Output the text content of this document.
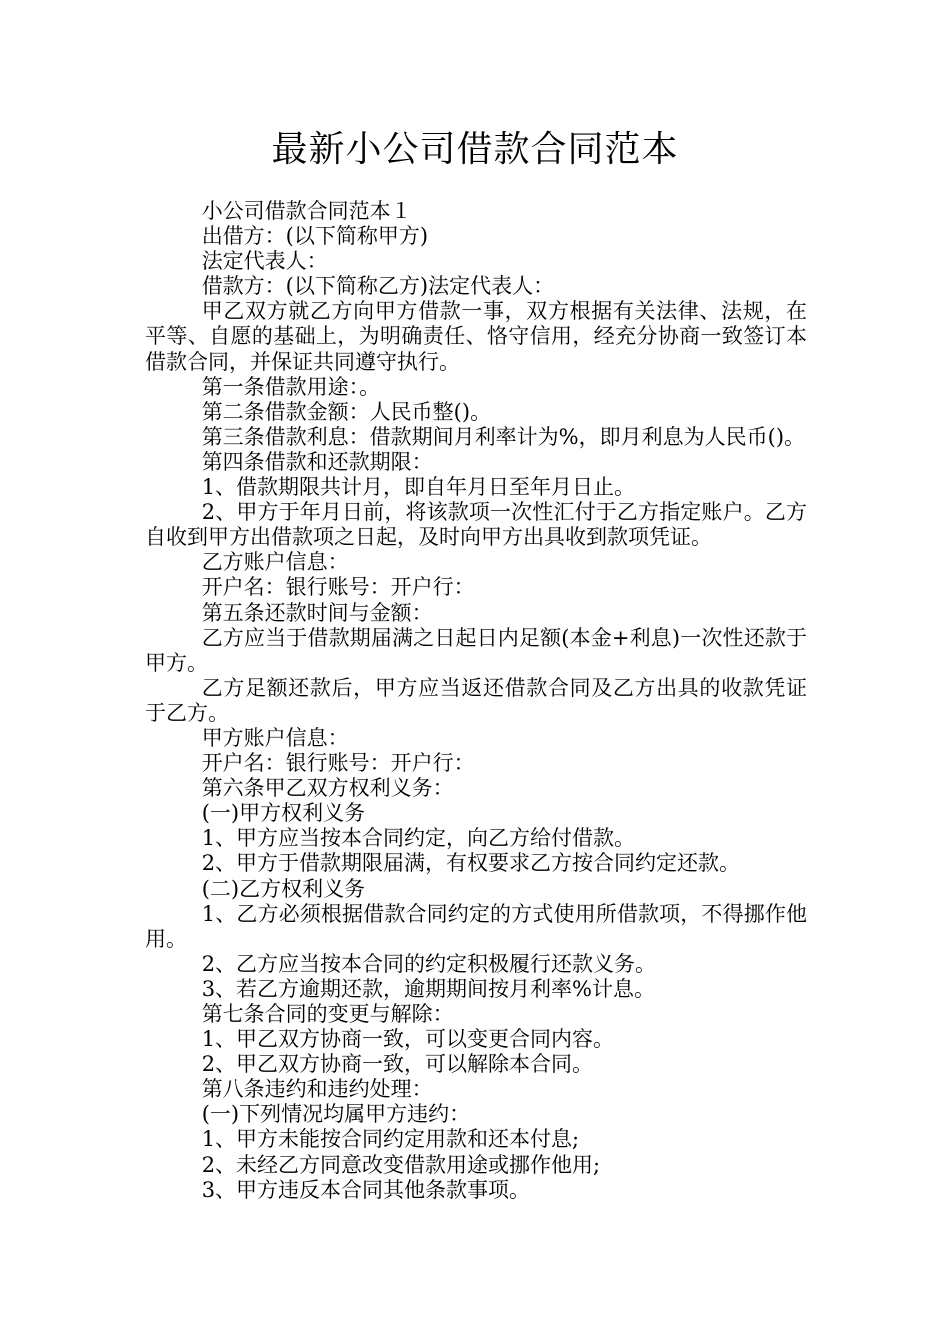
最新小公司借款合同范本

小公司借款合同范本１

出借方：(以下简称甲方)

法定代表人：

借款方：(以下简称乙方)法定代表人：

甲乙双方就乙方向甲方借款一事，双方根据有关法律、法规，在平等、自愿的基础上，为明确责任、恪守信用，经充分协商一致签订本借款合同，并保证共同遵守执行。

第一条借款用途：。

第二条借款金额：人民币整()。

第三条借款利息：借款期间月利率计为%，即月利息为人民币()。

第四条借款和还款期限：

1、借款期限共计月，即自年月日至年月日止。

2、甲方于年月日前，将该款项一次性汇付于乙方指定账户。乙方自收到甲方出借款项之日起，及时向甲方出具收到款项凭证。

乙方账户信息：

开户名：银行账号：开户行：

第五条还款时间与金额：

乙方应当于借款期届满之日起日内足额(本金+利息)一次性还款于甲方。

乙方足额还款后，甲方应当返还借款合同及乙方出具的收款凭证于乙方。

甲方账户信息：

开户名：银行账号：开户行：

第六条甲乙双方权利义务：

(一)甲方权利义务

1、甲方应当按本合同约定，向乙方给付借款。

2、甲方于借款期限届满，有权要求乙方按合同约定还款。

(二)乙方权利义务

1、乙方必须根据借款合同约定的方式使用所借款项，不得挪作他用。

2、乙方应当按本合同的约定积极履行还款义务。

3、若乙方逾期还款，逾期期间按月利率%计息。

第七条合同的变更与解除：

1、甲乙双方协商一致，可以变更合同内容。

2、甲乙双方协商一致，可以解除本合同。

第八条违约和违约处理：

(一)下列情况均属甲方违约：

1、甲方未能按合同约定用款和还本付息;

2、未经乙方同意改变借款用途或挪作他用;

3、甲方违反本合同其他条款事项。
